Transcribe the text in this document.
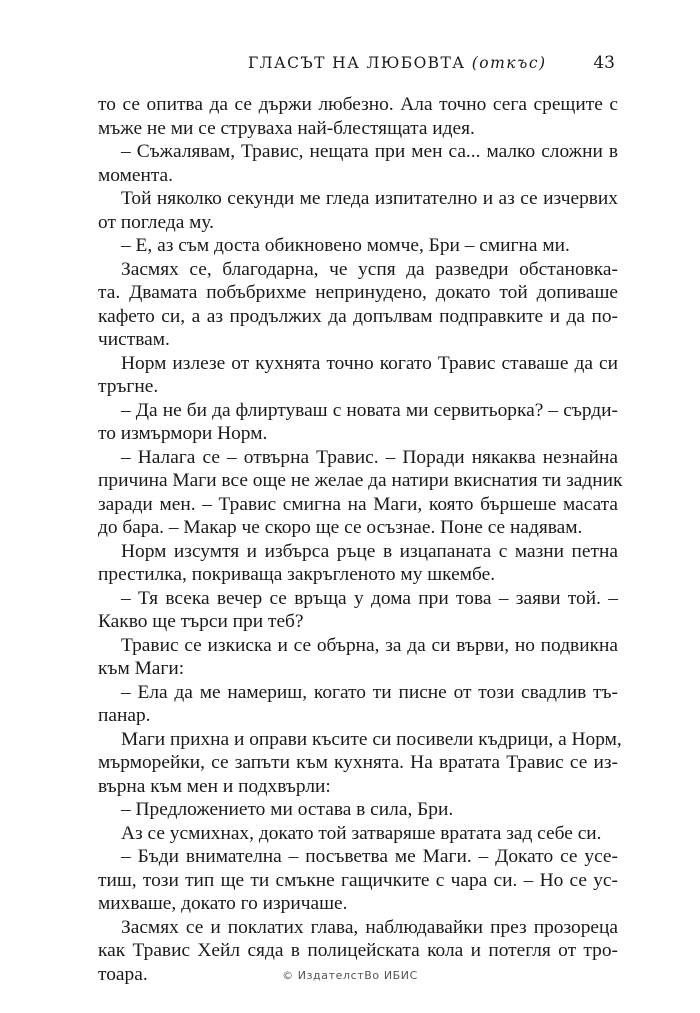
ГЛАСЪТ НА ЛЮБОВТА (откъс)	43
то се опитва да се държи любезно. Ала точно сега срещите с
мъже не ми се струваха най-блестящата идея.
– Съжалявам, Травис, нещата при мен са... малко сложни в
момента.
Той няколко секунди ме гледа изпитателно и аз се изчервих
от погледа му.
– Е, аз съм доста обикновено момче, Бри – смигна ми.
Засмях се, благодарна, че успя да разведри обстановка-
та. Двамата побъбрихме непринудено, докато той допиваше
кафето си, а аз продължих да допълвам подправките и да по-
чиствам.
Норм излезе от кухнята точно когато Травис ставаше да си
тръгне.
– Да не би да флиртуваш с новата ми сервитьорка? – сърди-
то измърмори Норм.
– Налага се – отвърна Травис. – Поради някаква незнайна
причина Маги все още не желае да натири вкиснатия ти задник
заради мен. – Травис смигна на Маги, която бършеше масата
до бара. – Макар че скоро ще се осъзнае. Поне се надявам.
Норм изсумтя и избърса ръце в изцапаната с мазни петна
престилка, покриваща закръгленото му шкембе.
– Тя всека вечер се връща у дома при това – заяви той. –
Какво ще търси при теб?
Травис се изкиска и се обърна, за да си върви, но подвикна
към Маги:
– Ела да ме намериш, когато ти писне от този свадлив тъ-
панар.
Маги прихна и оправи късите си посивели къдрици, а Норм,
мърморейки, се запъти към кухнята. На вратата Травис се из-
върна към мен и подхвърли:
– Предложението ми остава в сила, Бри.
Аз се усмихнах, докато той затваряше вратата зад себе си.
– Бъди внимателна – посъветва ме Маги. – Докато се усе-
тиш, този тип ще ти смъкне гащичките с чара си. – Но се ус-
михваше, докато го изричаше.
Засмях се и поклатих глава, наблюдавайки през прозореца
как Травис Хейл сяда в полицейската кола и потегля от тро-
тоара.	© ИздателстВо ИБИС
